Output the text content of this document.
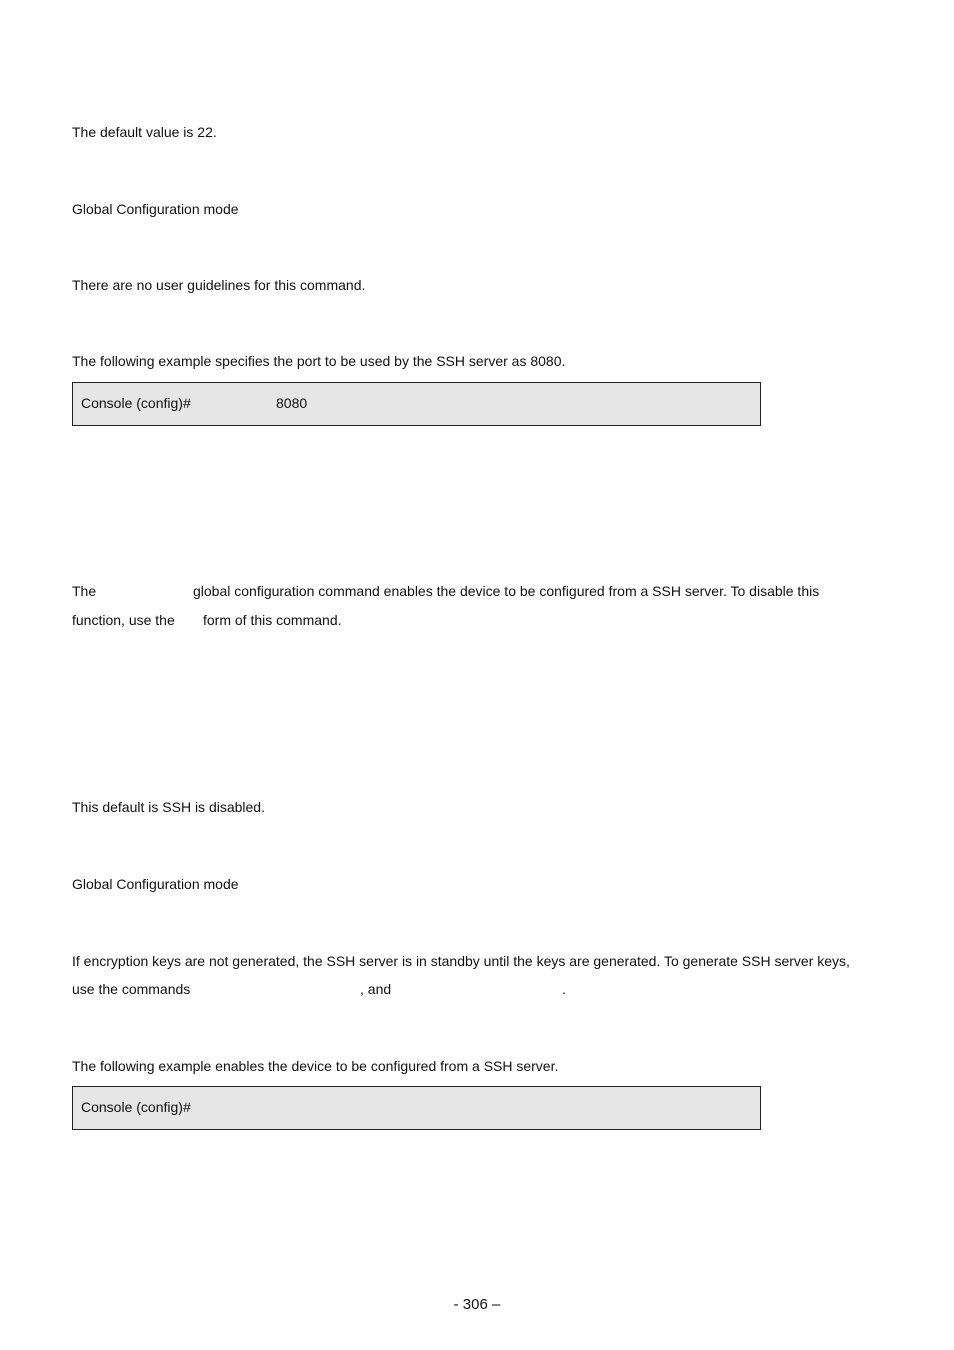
The default value is 22.
Global Configuration mode
There are no user guidelines for this command.
The following example specifies the port to be used by the SSH server as 8080.
Console (config)#	8080
The	global configuration command enables the device to be configured from a SSH server. To disable this
function, use the form of this command.
This default is SSH is disabled.
Global Configuration mode
If encryption keys are not generated, the SSH server is in standby until the keys are generated. To generate SSH server keys,
use the commands	, and	.
The following example enables the device to be configured from a SSH server.
Console (config)#
- 306 –
